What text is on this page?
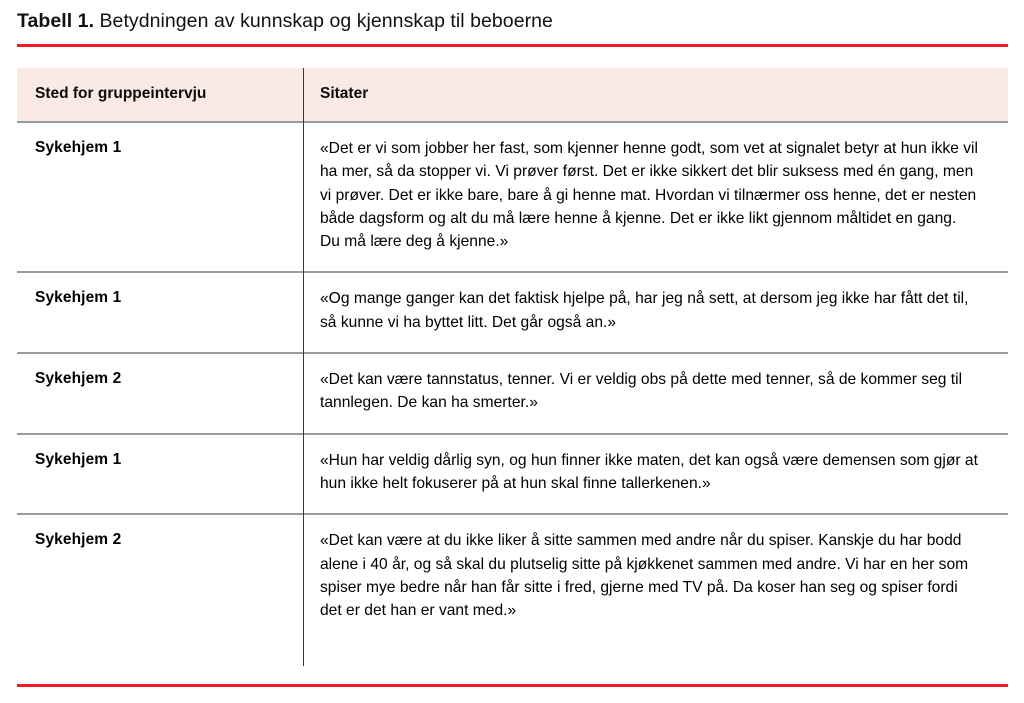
Tabell 1. Betydningen av kunnskap og kjennskap til beboerne
Sted for gruppeintervju	Sitater
Sykehjem 1	«Det er vi som jobber her fast, som kjenner henne godt, som vet at signalet betyr at hun ikke vil ha mer, så da stopper vi. Vi prøver først. Det er ikke sikkert det blir suksess med én gang, men vi prøver. Det er ikke bare, bare å gi henne mat. Hvordan vi tilnærmer oss henne, det er nesten både dagsform og alt du må lære henne å kjenne. Det er ikke likt gjennom måltidet en gang. Du må lære deg å kjenne.»
Sykehjem 1	«Og mange ganger kan det faktisk hjelpe på, har jeg nå sett, at dersom jeg ikke har fått det til, så kunne vi ha byttet litt. Det går også an.»
Sykehjem 2	«Det kan være tannstatus, tenner. Vi er veldig obs på dette med tenner, så de kommer seg til tannlegen. De kan ha smerter.»
Sykehjem 1	«Hun har veldig dårlig syn, og hun finner ikke maten, det kan også være demensen som gjør at hun ikke helt fokuserer på at hun skal finne tallerkenen.»
Sykehjem 2	«Det kan være at du ikke liker å sitte sammen med andre når du spiser. Kanskje du har bodd alene i 40 år, og så skal du plutselig sitte på kjøkkenet sammen med andre. Vi har en her som spiser mye bedre når han får sitte i fred, gjerne med TV på. Da koser han seg og spiser fordi det er det han er vant med.»
